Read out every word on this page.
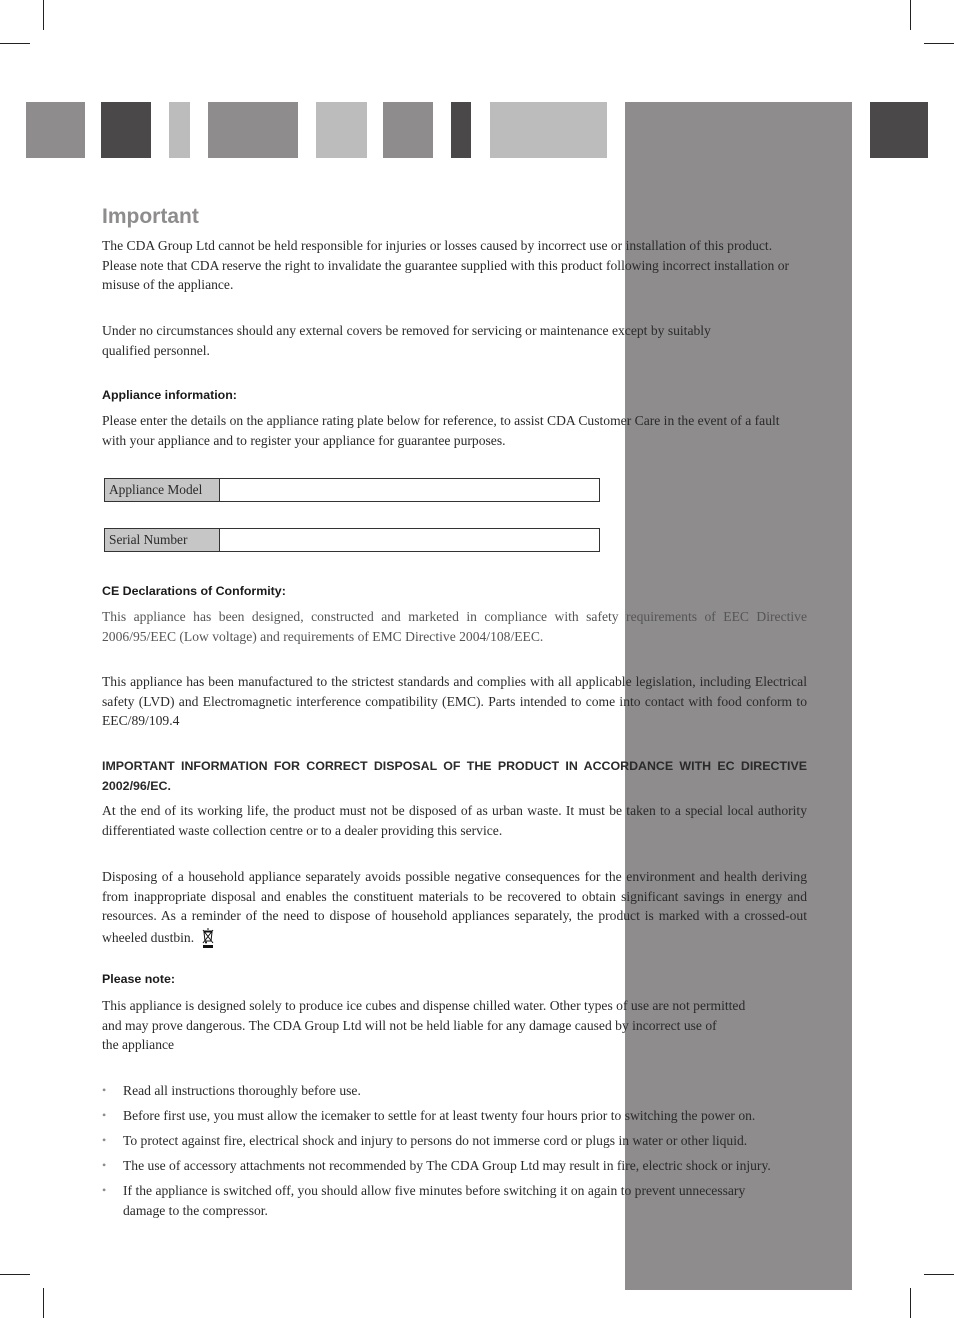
Important
The CDA Group Ltd cannot be held responsible for injuries or losses caused by incorrect use or installation of this product. Please note that CDA reserve the right to invalidate the guarantee supplied with this product following incorrect installation or misuse of the appliance.
Under no circumstances should any external covers be removed for servicing or maintenance except by suitably qualified personnel.
Appliance information:
Please enter the details on the appliance rating plate below for reference, to assist CDA Customer Care in the event of a fault with your appliance and to register your appliance for guarantee purposes.
Appliance Model
Serial Number
CE Declarations of Conformity:
This appliance has been designed, constructed and marketed in compliance with safety requirements of EEC Directive 2006/95/EEC (Low voltage) and requirements of EMC Directive 2004/108/EEC.
This appliance has been manufactured to the strictest standards and complies with all applicable legislation, including Electrical safety (LVD) and Electromagnetic interference compatibility (EMC). Parts intended to come into contact with food conform to EEC/89/109.4
IMPORTANT INFORMATION FOR CORRECT DISPOSAL OF THE PRODUCT IN ACCORDANCE WITH EC DIRECTIVE 2002/96/EC.
At the end of its working life, the product must not be disposed of as urban waste. It must be taken to a special local authority differentiated waste collection centre or to a dealer providing this service.
Disposing of a household appliance separately avoids possible negative consequences for the environment and health deriving from inappropriate disposal and enables the constituent materials to be recovered to obtain significant savings in energy and resources. As a reminder of the need to dispose of household appliances separately, the product is marked with a crossed-out wheeled dustbin.
Please note:
This appliance is designed solely to produce ice cubes and dispense chilled water. Other types of use are not permitted
and may prove dangerous. The CDA Group Ltd will not be held liable for any damage caused by incorrect use of
the appliance
• Read all instructions thoroughly before use.
• Before first use, you must allow the icemaker to settle for at least twenty four hours prior to switching the power on.
• To protect against fire, electrical shock and injury to persons do not immerse cord or plugs in water or other liquid.
• The use of accessory attachments not recommended by The CDA Group Ltd may result in fire, electric shock or injury.
• If the appliance is switched off, you should allow five minutes before switching it on again to prevent unnecessary damage to the compressor.
